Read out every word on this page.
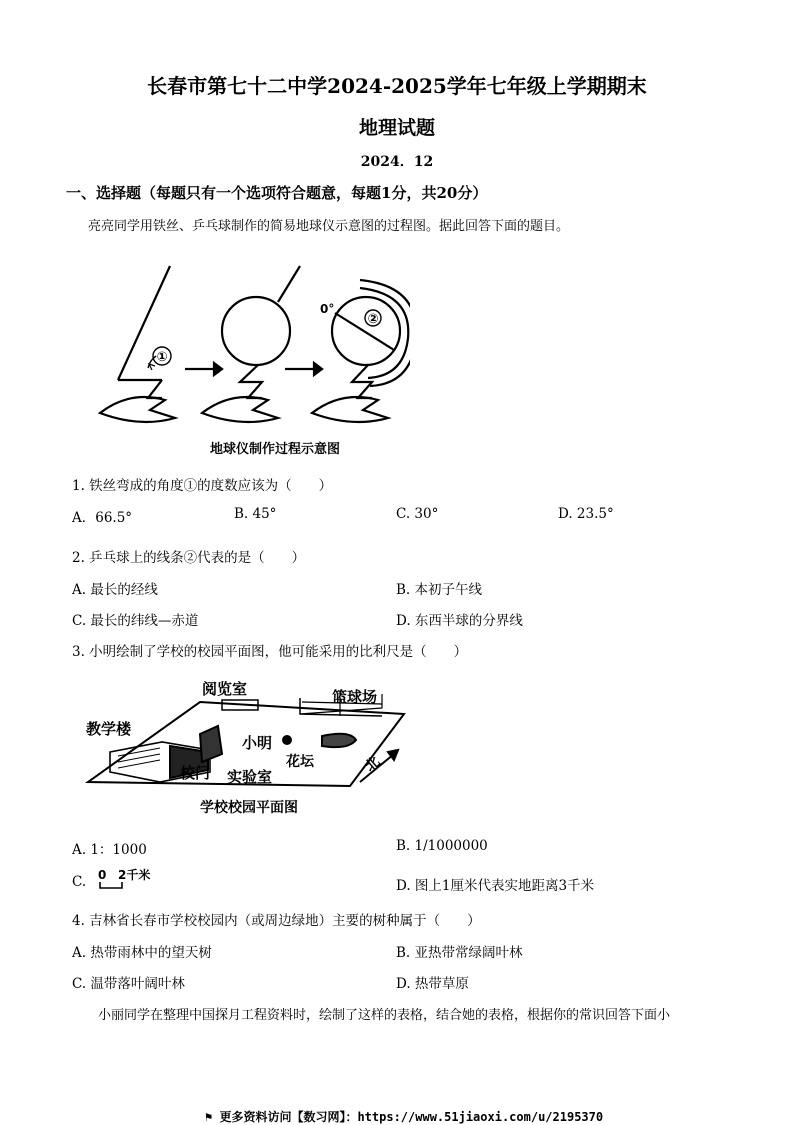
长春市第七十二中学2024-2025学年七年级上学期期末
地理试题
2024．12
一、选择题（每题只有一个选项符合题意，每题1分，共20分）
亮亮同学用铁丝、乒乓球制作的简易地球仪示意图的过程图。据此回答下面的题目。
①
②
0°
地球仪制作过程示意图
1. 铁丝弯成的角度①的度数应该为（　　）
A．66.5°	B. 45°	C. 30°	D. 23.5°
2. 乒乓球上的线条②代表的是（　　）
A. 最长的经线	B. 本初子午线
C. 最长的纬线—赤道	D. 东西半球的分界线
3. 小明绘制了学校的校园平面图，他可能采用的比利尺是（　　）
阅览室	篮球场
教学楼
小明
花坛
校门 实验室
北
学校校园平面图
A. 1：1000	B. 1/1000000
C. 0 2千米
D. 图上1厘米代表实地距离3千米
4. 吉林省长春市学校校园内（或周边绿地）主要的树种属于（　　）
A. 热带雨林中的望天树	B. 亚热带常绿阔叶林
C. 温带落叶阔叶林	D. 热带草原
小丽同学在整理中国探月工程资料时，绘制了这样的表格，结合她的表格，根据你的常识回答下面小
⚑ 更多资料访问【数习网】：https://www.51jiaoxi.com/u/2195370
